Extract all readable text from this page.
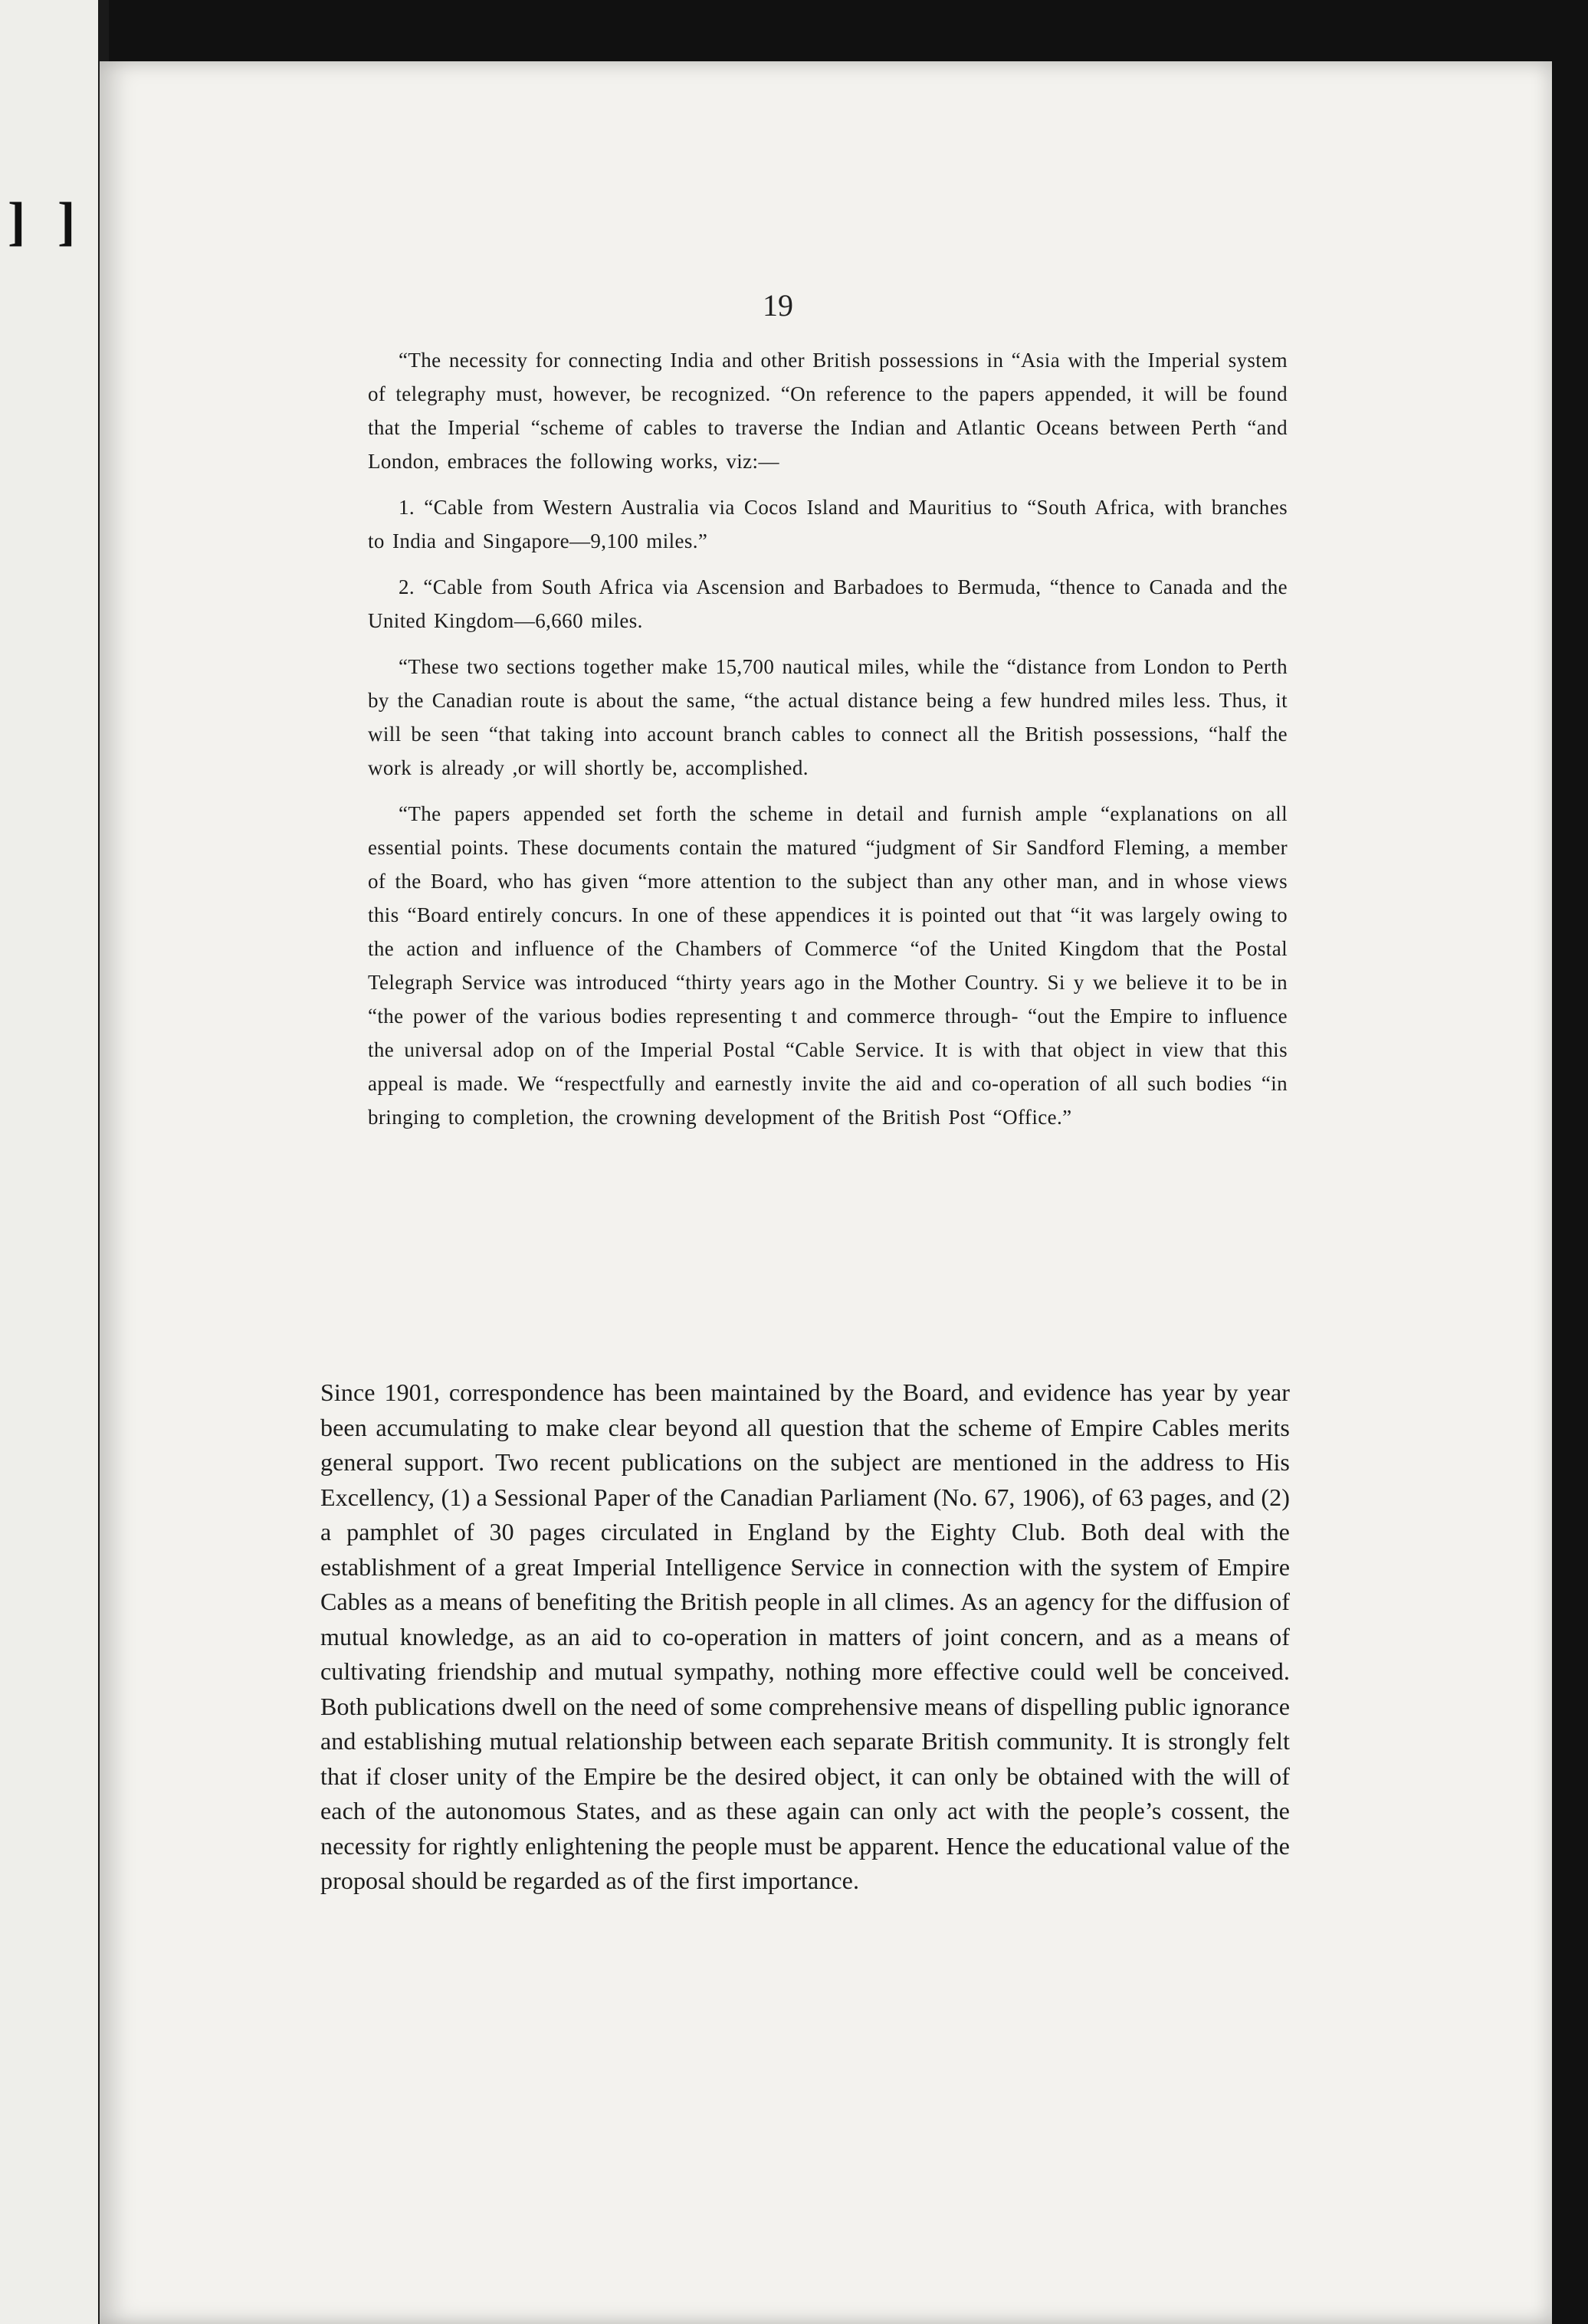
] ]
19

“The necessity for connecting India and other British possessions in “Asia with the Imperial system of telegraphy must, however, be recognized. “On reference to the papers appended, it will be found that the Imperial “scheme of cables to traverse the Indian and Atlantic Oceans between Perth “and London, embraces the following works, viz:—

1. “Cable from Western Australia via Cocos Island and Mauritius to “South Africa, with branches to India and Singapore—9,100 miles.”

2. “Cable from South Africa via Ascension and Barbadoes to Bermuda, “thence to Canada and the United Kingdom—6,660 miles.

“These two sections together make 15,700 nautical miles, while the “distance from London to Perth by the Canadian route is about the same, “the actual distance being a few hundred miles less. Thus, it will be seen “that taking into account branch cables to connect all the British possessions, “half the work is already ,or will shortly be, accomplished.

“The papers appended set forth the scheme in detail and furnish ample “explanations on all essential points. These documents contain the matured “judgment of Sir Sandford Fleming, a member of the Board, who has given “more attention to the subject than any other man, and in whose views this “Board entirely concurs. In one of these appendices it is pointed out that “it was largely owing to the action and influence of the Chambers of Commerce “of the United Kingdom that the Postal Telegraph Service was introduced “thirty years ago in the Mother Country. Si y we believe it to be in “the power of the various bodies representing t and commerce through- “out the Empire to influence the universal adop on of the Imperial Postal “Cable Service. It is with that object in view that this appeal is made. We “respectfully and earnestly invite the aid and co-operation of all such bodies “in bringing to completion, the crowning development of the British Post “Office.”

Since 1901, correspondence has been maintained by the Board, and evidence has year by year been accumulating to make clear beyond all question that the scheme of Empire Cables merits general support. Two recent publications on the subject are mentioned in the address to His Excellency, (1) a Sessional Paper of the Canadian Parliament (No. 67, 1906), of 63 pages, and (2) a pamphlet of 30 pages circulated in England by the Eighty Club. Both deal with the establishment of a great Imperial Intelligence Service in connection with the system of Empire Cables as a means of benefiting the British people in all climes. As an agency for the diffusion of mutual knowledge, as an aid to co-operation in matters of joint concern, and as a means of cultivating friendship and mutual sympathy, nothing more effective could well be conceived. Both publications dwell on the need of some comprehensive means of dispelling public ignorance and establishing mutual relationship between each separate British community. It is strongly felt that if closer unity of the Empire be the desired object, it can only be obtained with the will of each of the autonomous States, and as these again can only act with the people’s cossent, the necessity for rightly enlightening the people must be apparent. Hence the educational value of the proposal should be regarded as of the first importance.
